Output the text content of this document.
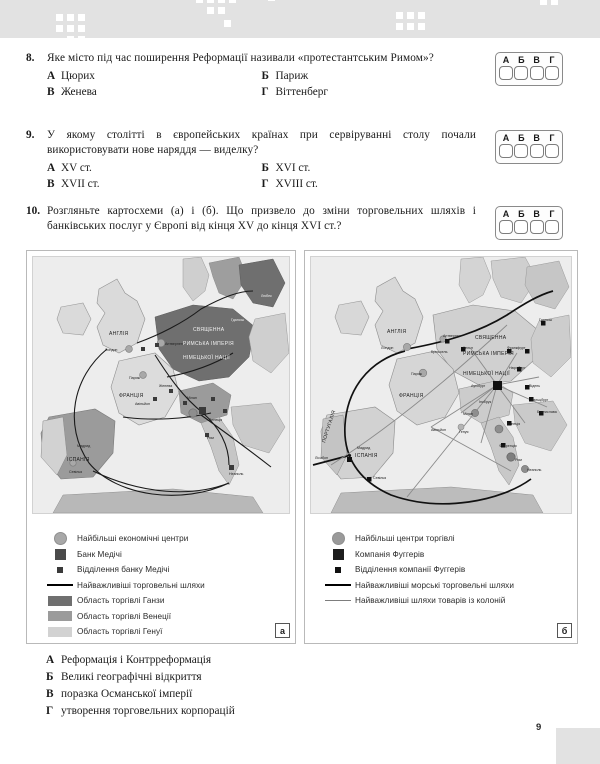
8.	Яке місто під час поширення Реформації називали «протестантським Римом»?
А Цюрих	Б Париж
В Женева	Г Віттенберг
А Б В	Г
9.	У якому столітті в європейських країнах при сервіруванні столу почали використовувати нове наряддя — виделку?
А XV ст.	Б XVI ст.
В XVII ст.	Г XVIII ст.
А Б В	Г
10. Розгляньте картосхеми (а) і (б). Що призвело до зміни торговельних шляхів і банківських послуг у Європі від кінця XV до кінця XVI ст.?
А Б В	Г
АНГЛІЯ
ФРАНЦІЯ
ІСПАНІЯ
СВЯЩЕННА
РИМСЬКА ІМПЕРІЯ
НІМЕЦЬКОЇ НАЦІЇ
Лондон
Антверпен
Париж
Мадрид
Севілья
Женева
Авіньйон
Мілан
Венеція
Рим
Неаполь
Гданськ
Любек
Найбільші економічні центри
Банк Медічі
Відділення банку Медічі
Найважливіші торговельні шляхи
Область торгівлі Ганзи
Область торгівлі Венеції
Область торгівлі Генуї	а
АНГЛІЯ
ФРАНЦІЯ
ІСПАНІЯ
ПОРТУГАЛІЯ
СВЯЩЕННА
РИМСЬКА ІМПЕРІЯ
НІМЕЦЬКОЇ НАЦІЇ
Лондон
Антверпен
Кельн
Брюссель
Париж
Франкфурт
Нюрнберг
Аугсбург	Відень
Зальцбург
Інсбрук
Мілан	Братислава
Венеція
Флоренція
Рим
Неаполь
Мадрид
Севілья
Лісабон
Авіньйон	Генуя
Гданськ
Найбільші центри торгівлі
Компанія Фуггерів
Відділення компанії Фуггерів
Найважливіші морські торговельні шляхи
Найважливіші шляхи товарів із колоній
б
А Реформація і Контрреформація
Б Великі географічні відкриття
В поразка Османської імперії
Г утворення торговельних корпорацій
9
